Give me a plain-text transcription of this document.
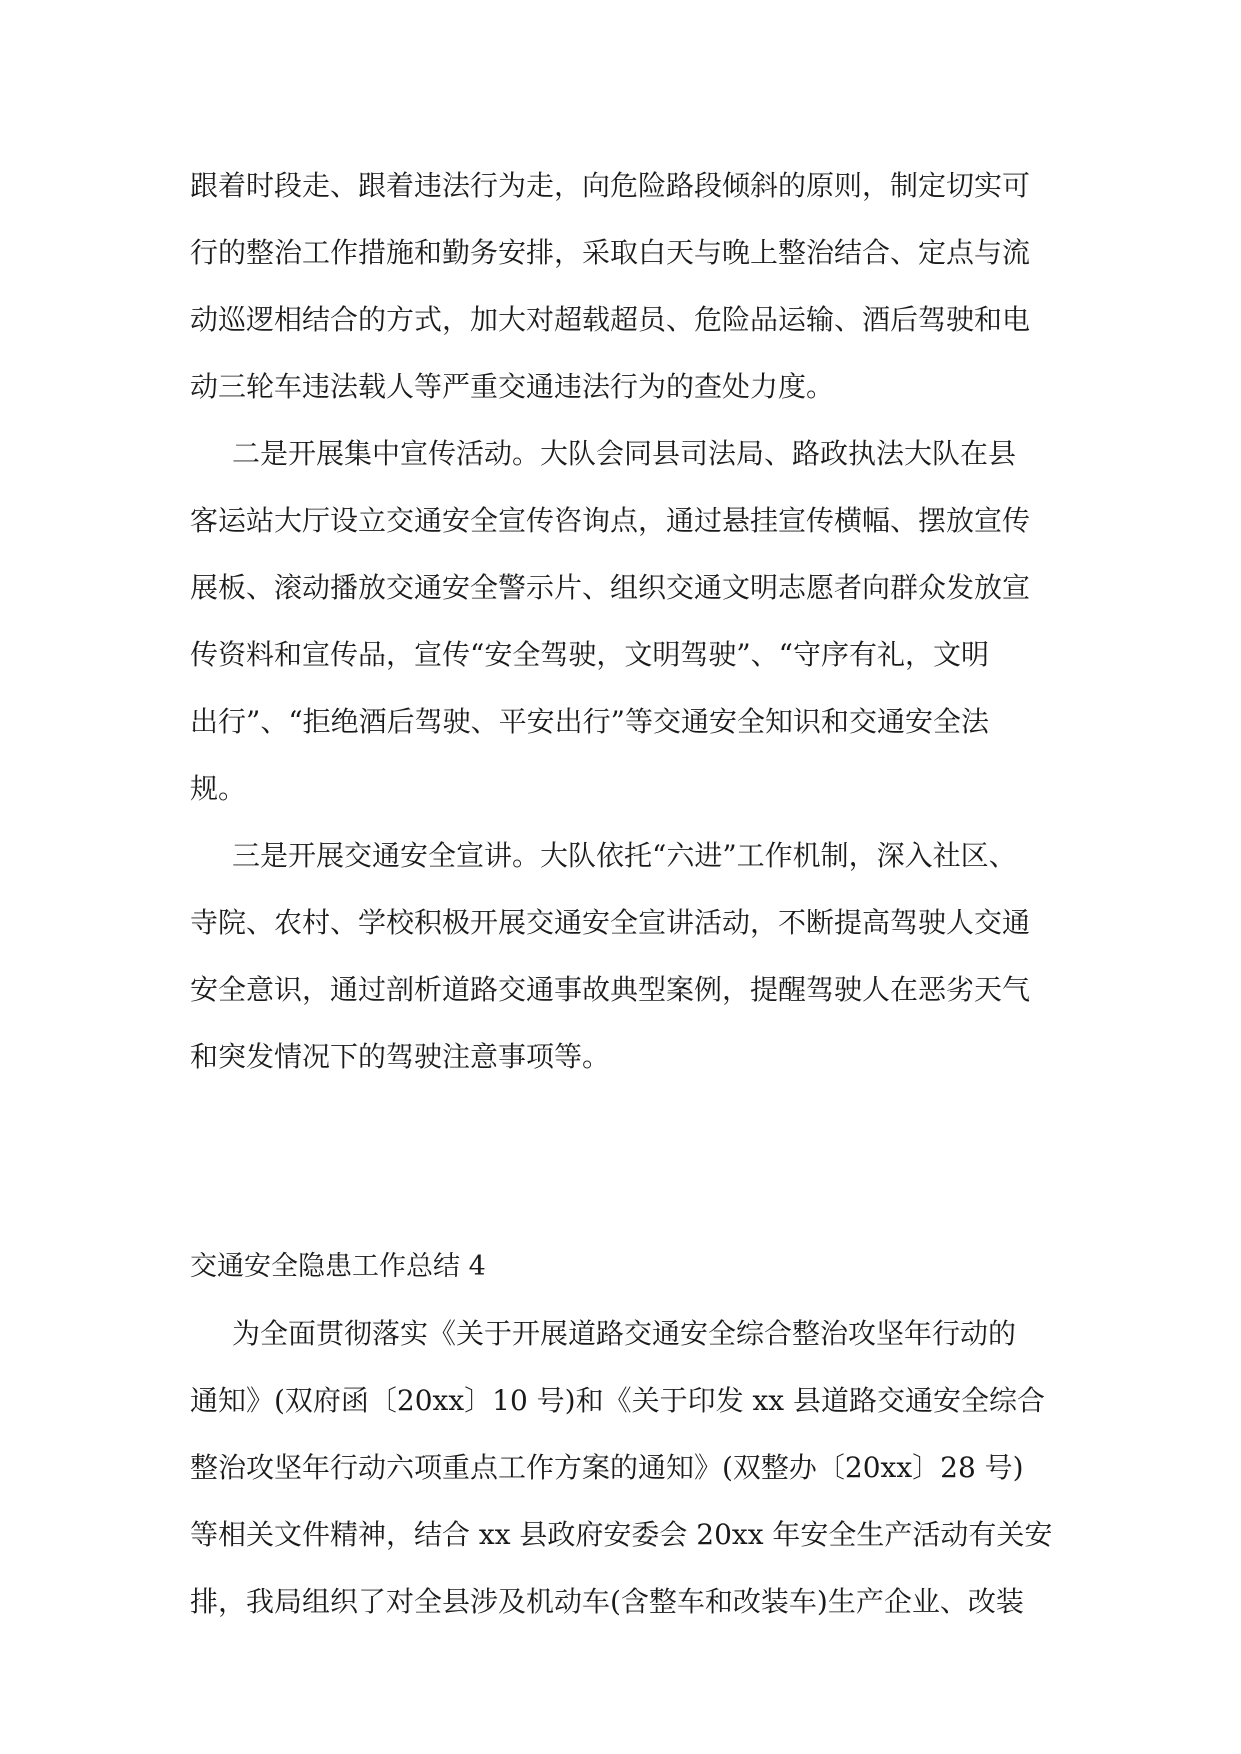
跟着时段走、跟着违法行为走，向危险路段倾斜的原则，制定切实可
行的整治工作措施和勤务安排，采取白天与晚上整治结合、定点与流
动巡逻相结合的方式，加大对超载超员、危险品运输、酒后驾驶和电
动三轮车违法载人等严重交通违法行为的查处力度。
二是开展集中宣传活动。大队会同县司法局、路政执法大队在县
客运站大厅设立交通安全宣传咨询点，通过悬挂宣传横幅、摆放宣传
展板、滚动播放交通安全警示片、组织交通文明志愿者向群众发放宣
传资料和宣传品，宣传“安全驾驶，文明驾驶”、“守序有礼，文明
出行”、“拒绝酒后驾驶、平安出行”等交通安全知识和交通安全法
规。
三是开展交通安全宣讲。大队依托“六进”工作机制，深入社区、
寺院、农村、学校积极开展交通安全宣讲活动，不断提高驾驶人交通
安全意识，通过剖析道路交通事故典型案例，提醒驾驶人在恶劣天气
和突发情况下的驾驶注意事项等。
交通安全隐患工作总结 4
为全面贯彻落实《关于开展道路交通安全综合整治攻坚年行动的
通知》(双府函〔20xx〕10 号)和《关于印发 xx 县道路交通安全综合
整治攻坚年行动六项重点工作方案的通知》(双整办〔20xx〕28 号)
等相关文件精神，结合 xx 县政府安委会 20xx 年安全生产活动有关安
排，我局组织了对全县涉及机动车(含整车和改装车)生产企业、改装
